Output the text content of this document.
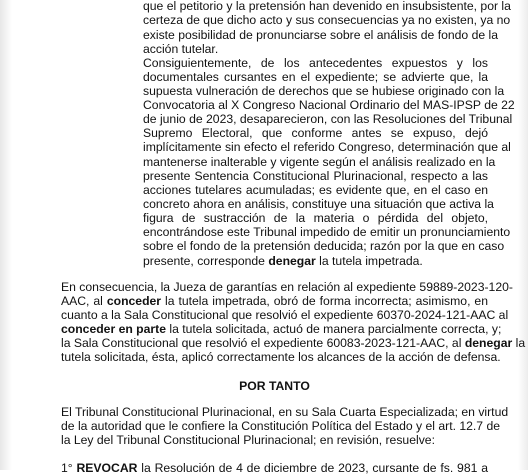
que el petitorio y la pretensión han devenido en insubsistente, por la
certeza de que dicho acto y sus consecuencias ya no existen, ya no
existe posibilidad de pronunciarse sobre el análisis de fondo de la
acción tutelar.
Consiguientemente, de los antecedentes expuestos y los
documentales cursantes en el expediente; se advierte que, la
supuesta vulneración de derechos que se hubiese originado con la
Convocatoria al X Congreso Nacional Ordinario del MAS-IPSP de 22
de junio de 2023, desaparecieron, con las Resoluciones del Tribunal
Supremo Electoral, que conforme antes se expuso, dejó
implícitamente sin efecto el referido Congreso, determinación que al
mantenerse inalterable y vigente según el análisis realizado en la
presente Sentencia Constitucional Plurinacional, respecto a las
acciones tutelares acumuladas; es evidente que, en el caso en
concreto ahora en análisis, constituye una situación que activa la
figura de sustracción de la materia o pérdida del objeto,
encontrándose este Tribunal impedido de emitir un pronunciamiento
sobre el fondo de la pretensión deducida; razón por la que en caso
presente, corresponde denegar la tutela impetrada.
En consecuencia, la Jueza de garantías en relación al expediente 59889-2023-120-
AAC, al conceder la tutela impetrada, obró de forma incorrecta; asimismo, en
cuanto a la Sala Constitucional que resolvió el expediente 60370-2024-121-AAC al
conceder en parte la tutela solicitada, actuó de manera parcialmente correcta, y;
la Sala Constitucional que resolvió el expediente 60083-2023-121-AAC, al denegar la
tutela solicitada, ésta, aplicó correctamente los alcances de la acción de defensa.
POR TANTO
El Tribunal Constitucional Plurinacional, en su Sala Cuarta Especializada; en virtud
de la autoridad que le confiere la Constitución Política del Estado y el art. 12.7 de
la Ley del Tribunal Constitucional Plurinacional; en revisión, resuelve:
1° REVOCAR la Resolución de 4 de diciembre de 2023, cursante de fs. 981 a
